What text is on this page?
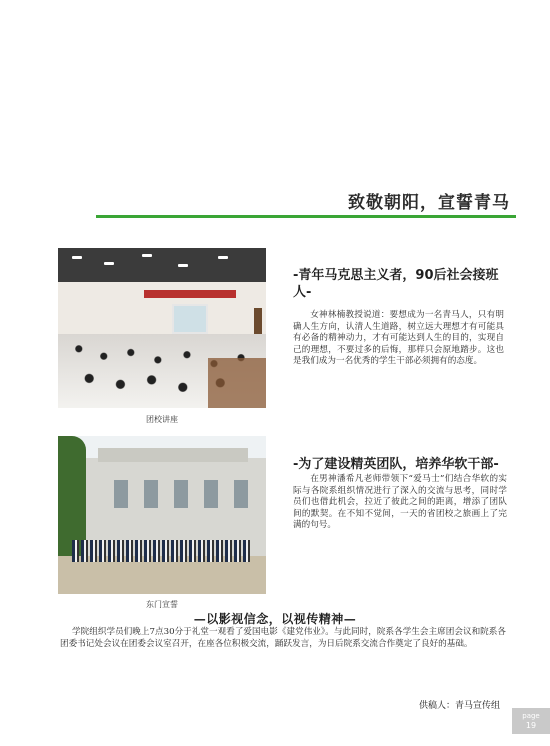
致敬朝阳，宣誓青马
团校讲座
-青年马克思主义者，90后社会接班人-
女神林楠教授说道：要想成为一名青马人，只有明确人生方向，认清人生道路，树立远大理想才有可能具有必备的精神动力，才有可能达到人生的目的，实现自己的理想，不要过多的后悔，那样只会原地踏步。这也是我们成为一名优秀的学生干部必须拥有的态度。
东门宣誓
-为了建设精英团队，培养华软干部-
在男神潘希凡老师带领下“爱马士”们结合华软的实际与各院系组织情况进行了深入的交流与思考，同时学员们也借此机会，拉近了彼此之间的距离，增添了团队间的默契。在不知不觉间，一天的省团校之旅画上了完满的句号。
—以影视信念，以视传精神—
学院组织学员们晚上7点30分于礼堂一观看了爱国电影《建党伟业》。与此同时，院系各学生会主席团会议和院系各团委书记处会议在团委会议室召开，在座各位积极交流，踊跃发言，为日后院系交流合作奠定了良好的基础。
供稿人：青马宣传组
page
19
